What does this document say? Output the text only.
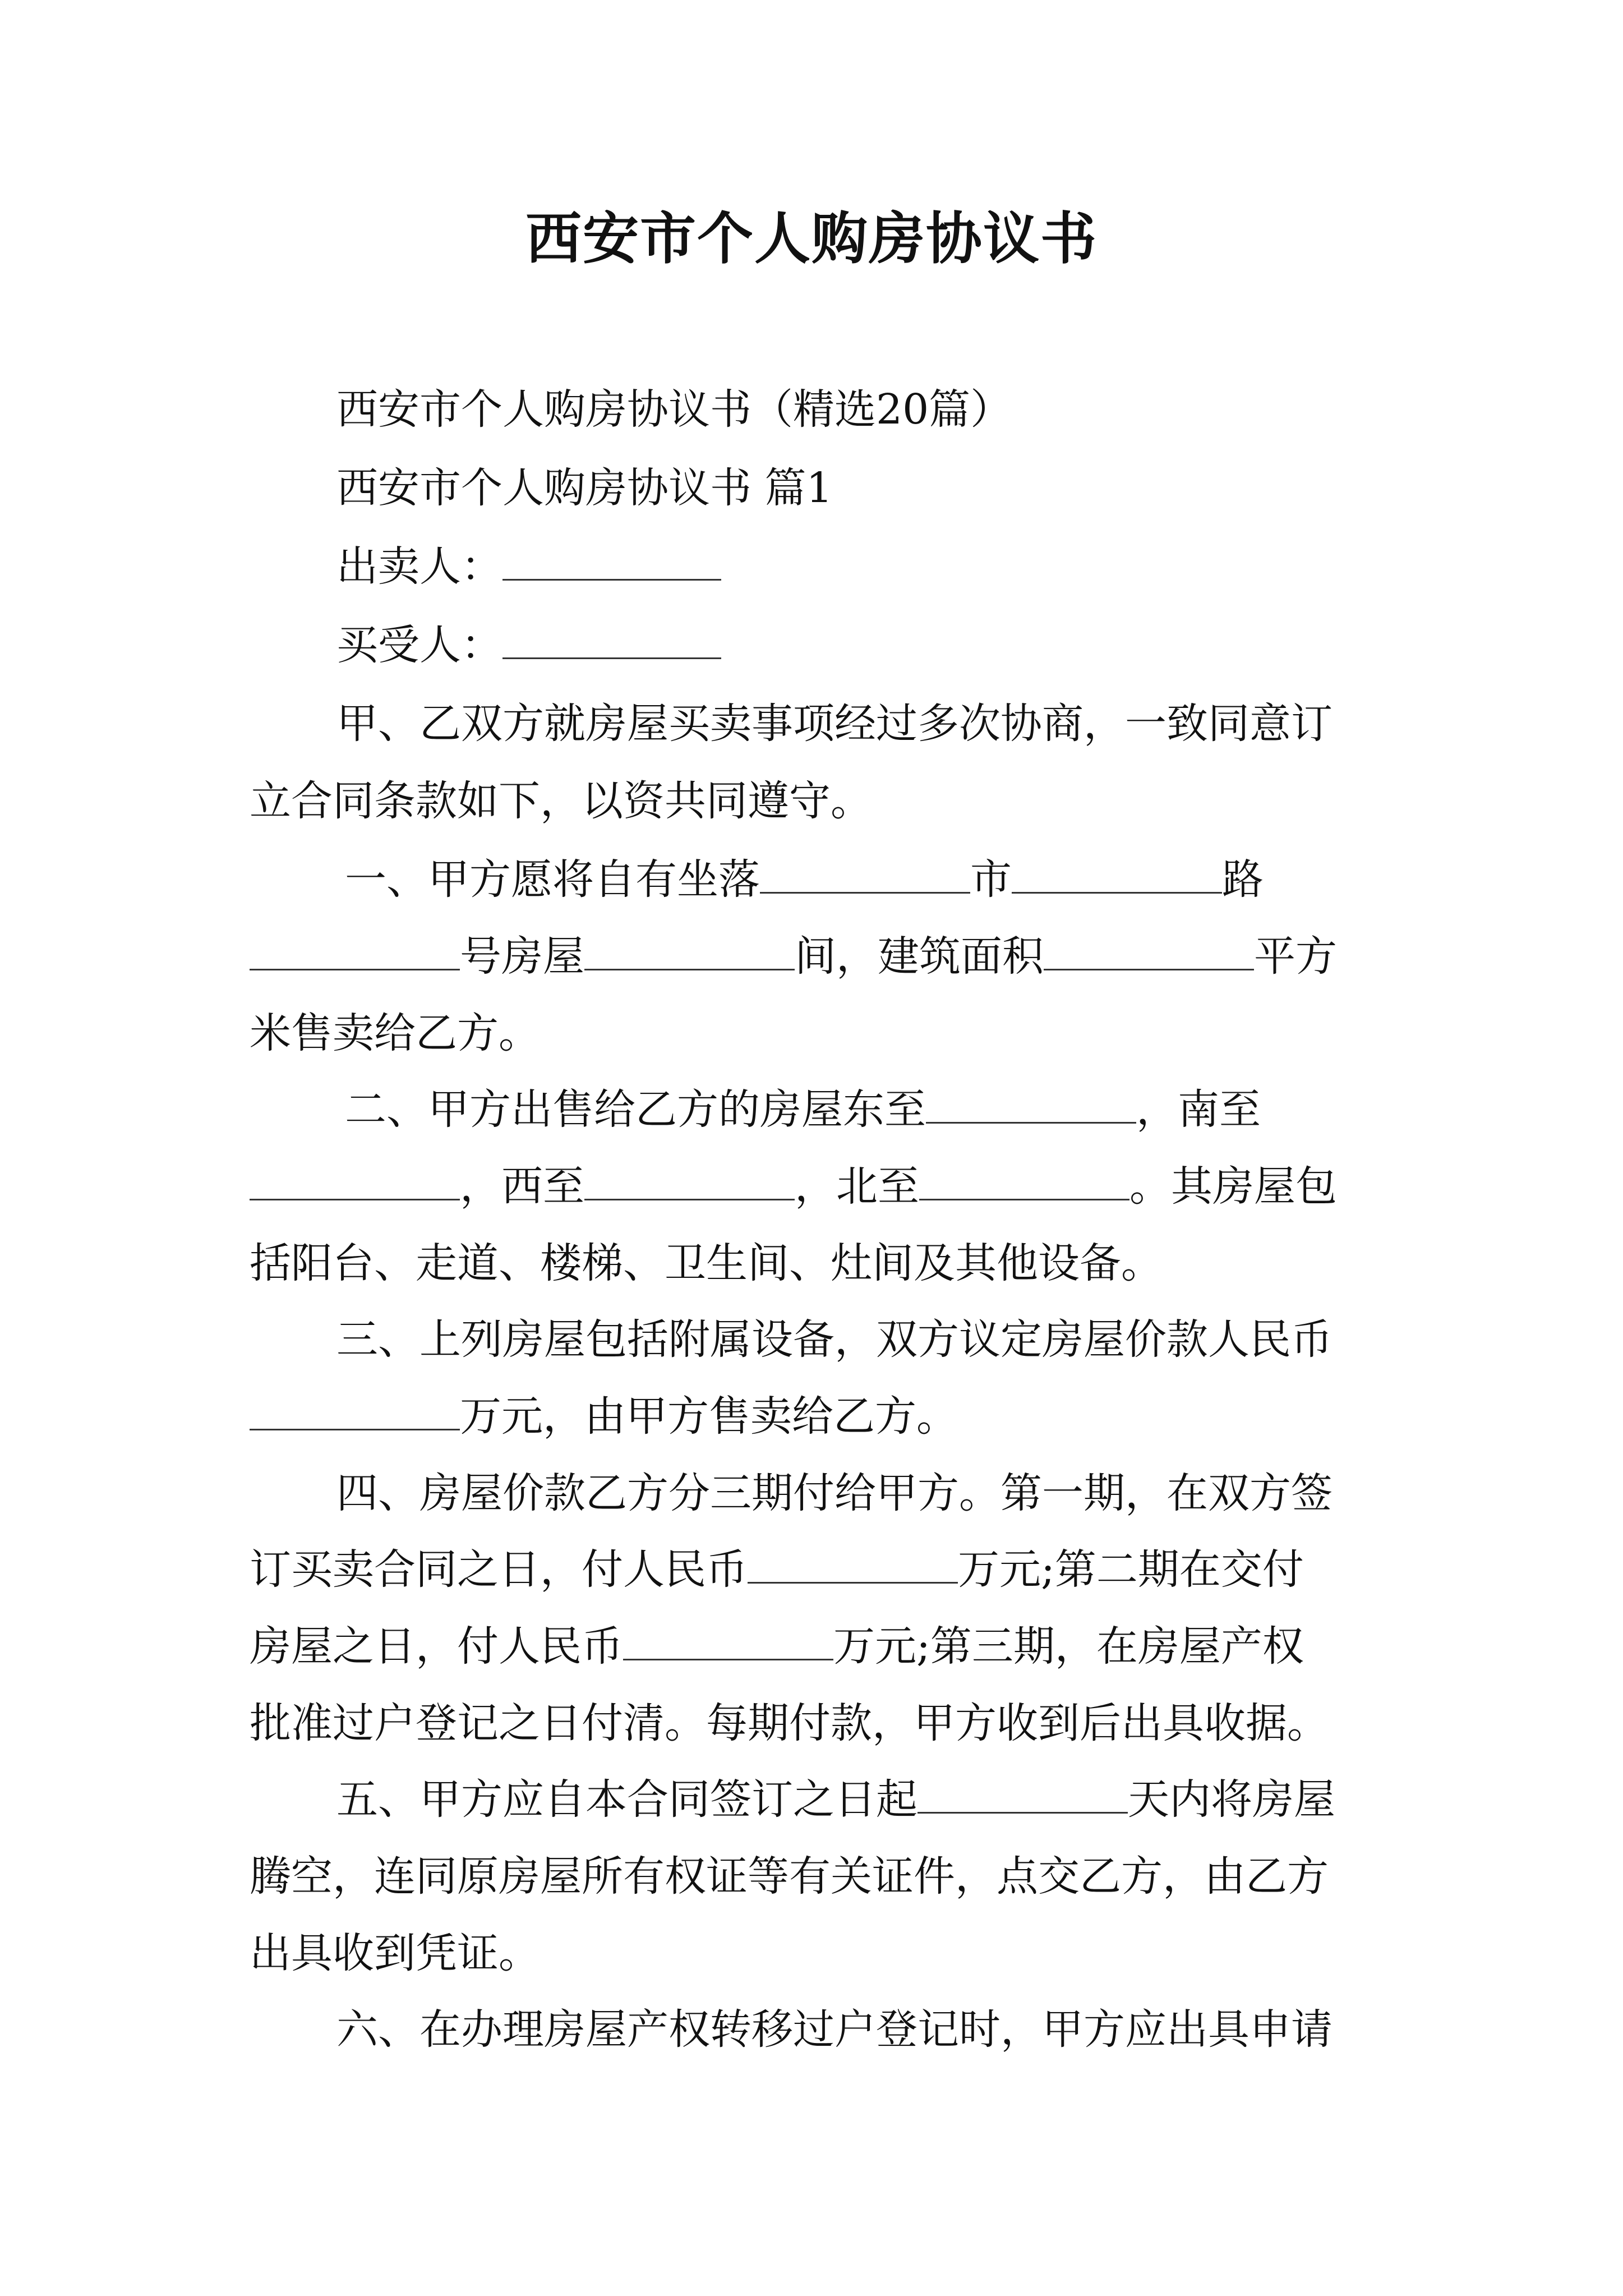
西安市个人购房协议书
西安市个人购房协议书（精选20篇）
西安市个人购房协议书 篇1
出卖人：
买受人：
甲、乙双方就房屋买卖事项经过多次协商，一致同意订
立合同条款如下，以资共同遵守。
一、甲方愿将自有坐落	市	路
号房屋	间，建筑面积	平方
米售卖给乙方。
二、甲方出售给乙方的房屋东至	，南至
，西至	，北至	。其房屋包
括阳台、走道、楼梯、卫生间、灶间及其他设备。
三、上列房屋包括附属设备，双方议定房屋价款人民币
万元，由甲方售卖给乙方。
四、房屋价款乙方分三期付给甲方。第一期，在双方签
订买卖合同之日，付人民币	万元;第二期在交付
房屋之日，付人民币	万元;第三期，在房屋产权
批准过户登记之日付清。每期付款，甲方收到后出具收据。
五、甲方应自本合同签订之日起	天内将房屋
腾空，连同原房屋所有权证等有关证件，点交乙方，由乙方
出具收到凭证。
六、在办理房屋产权转移过户登记时，甲方应出具申请
